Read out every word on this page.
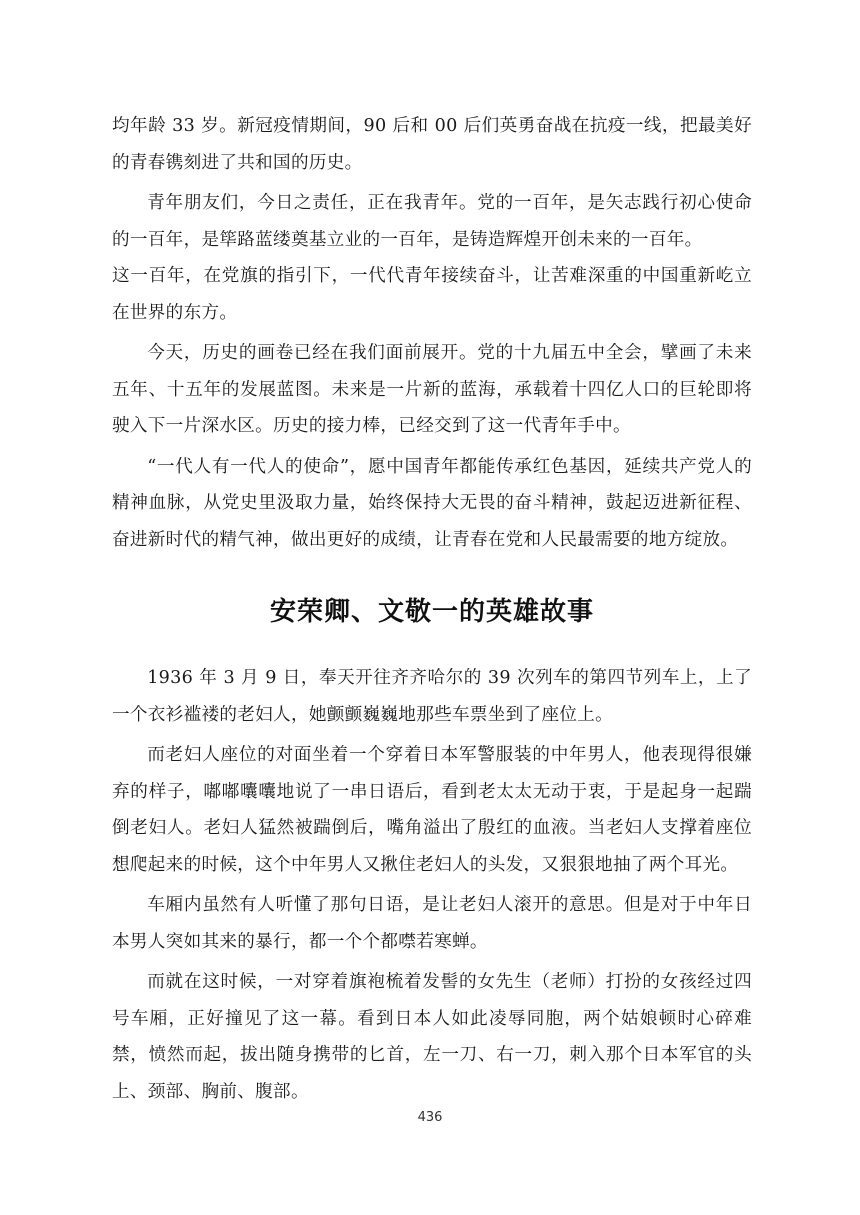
均年龄 33 岁。新冠疫情期间，90 后和 00 后们英勇奋战在抗疫一线，把最美好的青春镌刻进了共和国的历史。

青年朋友们，今日之责任，正在我青年。党的一百年，是矢志践行初心使命的一百年，是筚路蓝缕奠基立业的一百年，是铸造辉煌开创未来的一百年。

这一百年，在党旗的指引下，一代代青年接续奋斗，让苦难深重的中国重新屹立在世界的东方。

今天，历史的画卷已经在我们面前展开。党的十九届五中全会，擘画了未来五年、十五年的发展蓝图。未来是一片新的蓝海，承载着十四亿人口的巨轮即将驶入下一片深水区。历史的接力棒，已经交到了这一代青年手中。

“一代人有一代人的使命”，愿中国青年都能传承红色基因，延续共产党人的精神血脉，从党史里汲取力量，始终保持大无畏的奋斗精神，鼓起迈进新征程、奋进新时代的精气神，做出更好的成绩，让青春在党和人民最需要的地方绽放。

安荣卿、文敬一的英雄故事

1936 年 3 月 9 日，奉天开往齐齐哈尔的 39 次列车的第四节列车上，上了一个衣衫褴褛的老妇人，她颤颤巍巍地那些车票坐到了座位上。

而老妇人座位的对面坐着一个穿着日本军警服装的中年男人，他表现得很嫌弃的样子，嘟嘟囔囔地说了一串日语后，看到老太太无动于衷，于是起身一起踹倒老妇人。老妇人猛然被踹倒后，嘴角溢出了殷红的血液。当老妇人支撑着座位想爬起来的时候，这个中年男人又揪住老妇人的头发，又狠狠地抽了两个耳光。

车厢内虽然有人听懂了那句日语，是让老妇人滚开的意思。但是对于中年日本男人突如其来的暴行，都一个个都噤若寒蝉。

而就在这时候，一对穿着旗袍梳着发髻的女先生（老师）打扮的女孩经过四号车厢，正好撞见了这一幕。看到日本人如此凌辱同胞，两个姑娘顿时心碎难禁，愤然而起，拔出随身携带的匕首，左一刀、右一刀，刺入那个日本军官的头上、颈部、胸前、腹部。

436
